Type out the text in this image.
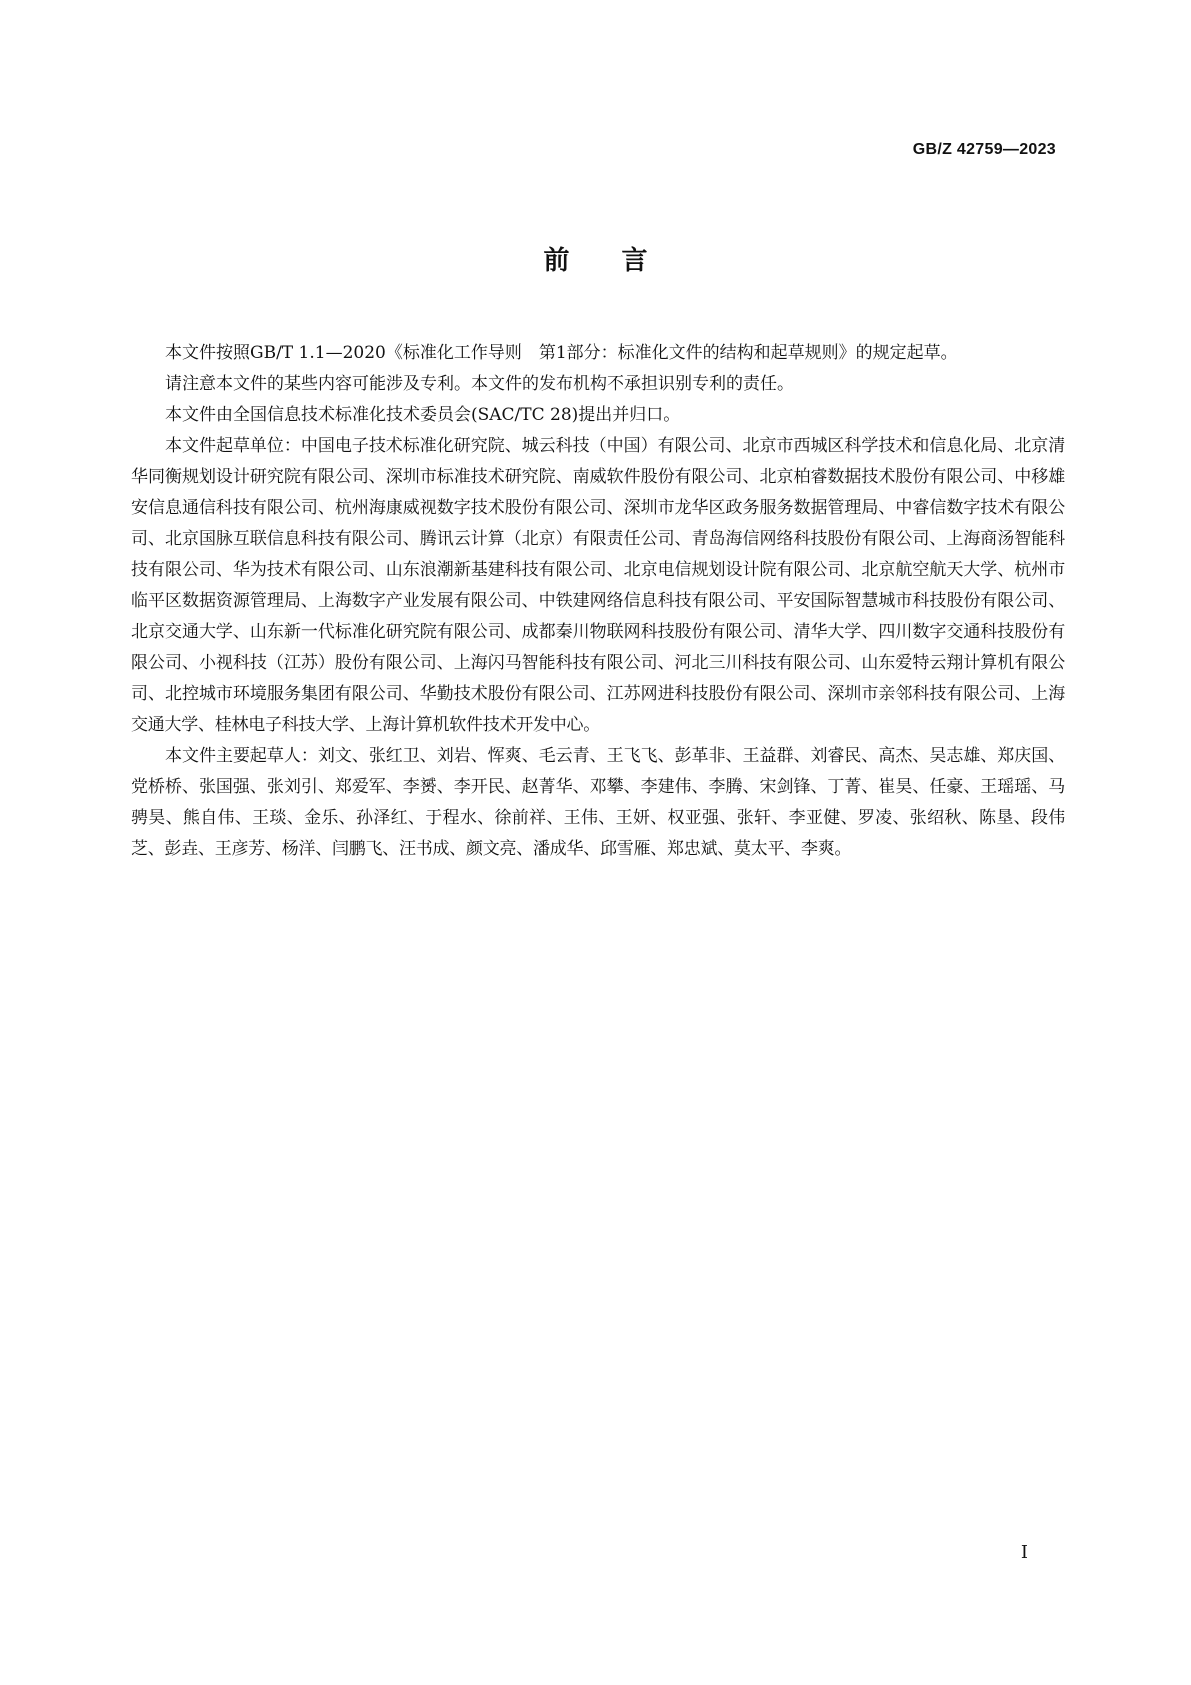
GB/Z 42759—2023
前言

本文件按照GB/T 1.1—2020《标准化工作导则　第1部分：标准化文件的结构和起草规则》的规定起草。

请注意本文件的某些内容可能涉及专利。本文件的发布机构不承担识别专利的责任。

本文件由全国信息技术标准化技术委员会(SAC/TC 28)提出并归口。

本文件起草单位：中国电子技术标准化研究院、城云科技（中国）有限公司、北京市西城区科学技术和信息化局、北京清华同衡规划设计研究院有限公司、深圳市标准技术研究院、南威软件股份有限公司、北京柏睿数据技术股份有限公司、中移雄安信息通信科技有限公司、杭州海康威视数字技术股份有限公司、深圳市龙华区政务服务数据管理局、中睿信数字技术有限公司、北京国脉互联信息科技有限公司、腾讯云计算（北京）有限责任公司、青岛海信网络科技股份有限公司、上海商汤智能科技有限公司、华为技术有限公司、山东浪潮新基建科技有限公司、北京电信规划设计院有限公司、北京航空航天大学、杭州市临平区数据资源管理局、上海数字产业发展有限公司、中铁建网络信息科技有限公司、平安国际智慧城市科技股份有限公司、北京交通大学、山东新一代标准化研究院有限公司、成都秦川物联网科技股份有限公司、清华大学、四川数字交通科技股份有限公司、小视科技（江苏）股份有限公司、上海闪马智能科技有限公司、河北三川科技有限公司、山东爱特云翔计算机有限公司、北控城市环境服务集团有限公司、华勤技术股份有限公司、江苏网进科技股份有限公司、深圳市亲邻科技有限公司、上海交通大学、桂林电子科技大学、上海计算机软件技术开发中心。

本文件主要起草人：刘文、张红卫、刘岩、恽爽、毛云青、王飞飞、彭革非、王益群、刘睿民、高杰、吴志雄、郑庆国、党桥桥、张国强、张刘引、郑爱军、李赟、李开民、赵菁华、邓攀、李建伟、李腾、宋剑锋、丁菁、崔昊、任豪、王瑶瑶、马骋昊、熊自伟、王琰、金乐、孙泽红、于程水、徐前祥、王伟、王妍、权亚强、张轩、李亚健、罗凌、张绍秋、陈垦、段伟芝、彭垚、王彦芳、杨洋、闫鹏飞、汪书成、颜文亮、潘成华、邱雪雁、郑忠斌、莫太平、李爽。

I
